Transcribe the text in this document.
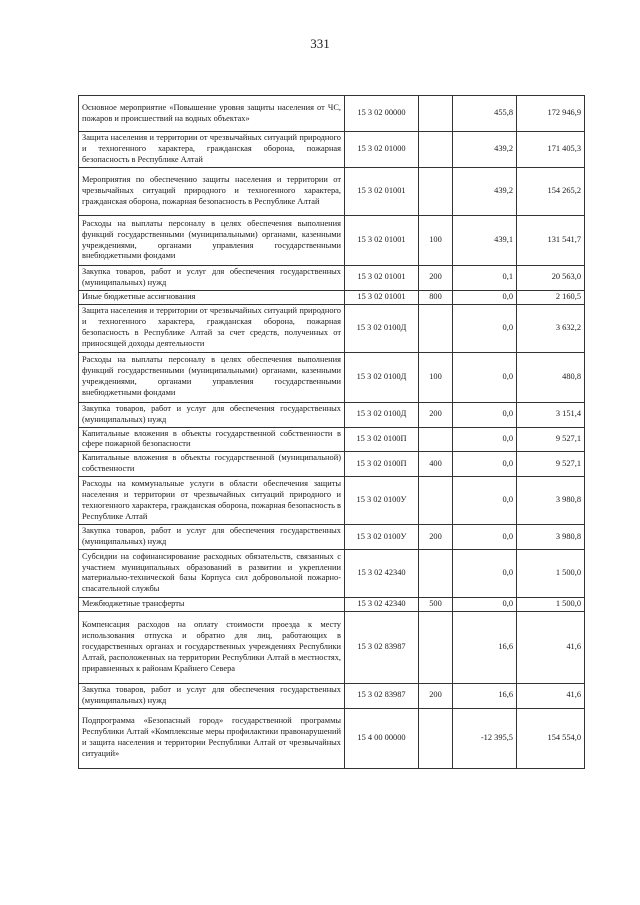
331
Основное мероприятие «Повышение уровня защиты населения от ЧС, пожаров и происшествий на водных объектах»	15 3 02 00000		455,8	172 946,9
Защита населения и территории от чрезвычайных ситуаций природного и техногенного характера, гражданская оборона, пожарная безопасность в Республике Алтай	15 3 02 01000		439,2	171 405,3
Мероприятия по обеспечению защиты населения и территории от чрезвычайных ситуаций природного и техногенного характера, гражданская оборона, пожарная безопасность в Республике Алтай	15 3 02 01001		439,2	154 265,2
Расходы на выплаты персоналу в целях обеспечения выполнения функций государственными (муниципальными) органами, казенными учреждениями, органами управления государственными внебюджетными фондами	15 3 02 01001	100	439,1	131 541,7
Закупка товаров, работ и услуг для обеспечения государственных (муниципальных) нужд	15 3 02 01001	200	0,1	20 563,0
Иные бюджетные ассигнования	15 3 02 01001	800	0,0	2 160,5
Защита населения и территории от чрезвычайных ситуаций природного и техногенного характера, гражданская оборона, пожарная безопасность в Республике Алтай за счет средств, полученных от приносящей доходы деятельности	15 3 02 0100Д		0,0	3 632,2
Расходы на выплаты персоналу в целях обеспечения выполнения функций государственными (муниципальными) органами, казенными учреждениями, органами управления государственными внебюджетными фондами	15 3 02 0100Д	100	0,0	480,8
Закупка товаров, работ и услуг для обеспечения государственных (муниципальных) нужд	15 3 02 0100Д	200	0,0	3 151,4
Капитальные вложения в объекты государственной собственности в сфере пожарной безопасности	15 3 02 0100П		0,0	9 527,1
Капитальные вложения в объекты государственной (муниципальной) собственности	15 3 02 0100П	400	0,0	9 527,1
Расходы на коммунальные услуги в области обеспечения защиты населения и территории от чрезвычайных ситуаций природного и техногенного характера, гражданская оборона, пожарная безопасность в Республике Алтай	15 3 02 0100У		0,0	3 980,8
Закупка товаров, работ и услуг для обеспечения государственных (муниципальных) нужд	15 3 02 0100У	200	0,0	3 980,8
Субсидии на софинансирование расходных обязательств, связанных с участием муниципальных образований в развитии и укреплении материально-технической базы Корпуса сил добровольной пожарно-спасательной службы	15 3 02 42340		0,0	1 500,0
Межбюджетные трансферты	15 3 02 42340	500	0,0	1 500,0
Компенсация расходов на оплату стоимости проезда к месту использования отпуска и обратно для лиц, работающих в государственных органах и государственных учреждениях Республики Алтай, расположенных на территории Республики Алтай в местностях, приравненных к районам Крайнего Севера	15 3 02 83987		16,6	41,6
Закупка товаров, работ и услуг для обеспечения государственных (муниципальных) нужд	15 3 02 83987	200	16,6	41,6
Подпрограмма «Безопасный город» государственной программы Республики Алтай «Комплексные меры профилактики правонарушений и защита населения и территории Республики Алтай от чрезвычайных ситуаций»	15 4 00 00000		-12 395,5	154 554,0
